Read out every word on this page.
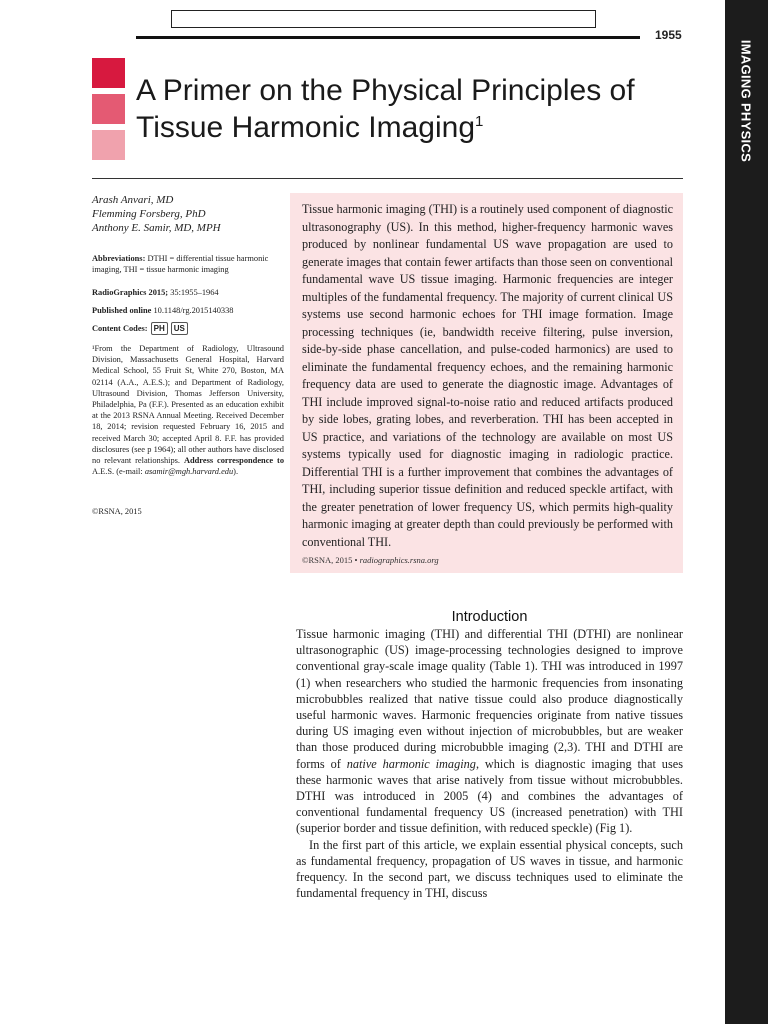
1955
IMAGING PHYSICS
A Primer on the Physical Principles of Tissue Harmonic Imaging$^1$
Arash Anvari, MD
Flemming Forsberg, PhD
Anthony E. Samir, MD, MPH
Abbreviations: DTHI = differential tissue harmonic imaging, THI = tissue harmonic imaging
RadioGraphics 2015; 35:1955–1964
Published online 10.1148/rg.2015140338
Content Codes: PH	US
¹From the Department of Radiology, Ultrasound Division, Massachusetts General Hospital, Harvard Medical School, 55 Fruit St, White 270, Boston, MA 02114 (A.A., A.E.S.); and Department of Radiology, Ultrasound Division, Thomas Jefferson University, Philadelphia, Pa (F.F.). Presented as an education exhibit at the 2013 RSNA Annual Meeting. Received December 18, 2014; revision requested February 16, 2015 and received March 30; accepted April 8. F.F. has provided disclosures (see p 1964); all other authors have disclosed no relevant relationships. Address correspondence to A.E.S. (e-mail: asamir@mgh.harvard.edu).
©RSNA, 2015

Tissue harmonic imaging (THI) is a routinely used component of diagnostic ultrasonography (US). In this method, higher-frequency harmonic waves produced by nonlinear fundamental US wave propagation are used to generate images that contain fewer artifacts than those seen on conventional fundamental wave US tissue imaging. Harmonic frequencies are integer multiples of the fundamental frequency. The majority of current clinical US systems use second harmonic echoes for THI image formation. Image processing techniques (ie, bandwidth receive filtering, pulse inversion, side-by-side phase cancellation, and pulse-coded harmonics) are used to eliminate the fundamental frequency echoes, and the remaining harmonic frequency data are used to generate the diagnostic image. Advantages of THI include improved signal-to-noise ratio and reduced artifacts produced by side lobes, grating lobes, and reverberation. THI has been accepted in US practice, and variations of the technology are available on most US systems typically used for diagnostic imaging in radiologic practice. Differential THI is a further improvement that combines the advantages of THI, including superior tissue definition and reduced speckle artifact, with the greater penetration of lower frequency US, which permits high-quality harmonic imaging at greater depth than could previously be performed with conventional THI.

©RSNA, 2015 • radiographics.rsna.org
Introduction

Tissue harmonic imaging (THI) and differential THI (DTHI) are nonlinear ultrasonographic (US) image-processing technologies designed to improve conventional gray-scale image quality (Table 1). THI was introduced in 1997 (1) when researchers who studied the harmonic frequencies from insonating microbubbles realized that native tissue could also produce diagnostically useful harmonic waves. Harmonic frequencies originate from native tissues during US imaging even without injection of microbubbles, but are weaker than those produced during microbubble imaging (2,3). THI and DTHI are forms of native harmonic imaging, which is diagnostic imaging that uses these harmonic waves that arise natively from tissue without microbubbles. DTHI was introduced in 2005 (4) and combines the advantages of conventional fundamental frequency US (increased penetration) with THI (superior border and tissue definition, with reduced speckle) (Fig 1).

In the first part of this article, we explain essential physical concepts, such as fundamental frequency, propagation of US waves in tissue, and harmonic frequency. In the second part, we discuss techniques used to eliminate the fundamental frequency in THI, discuss
